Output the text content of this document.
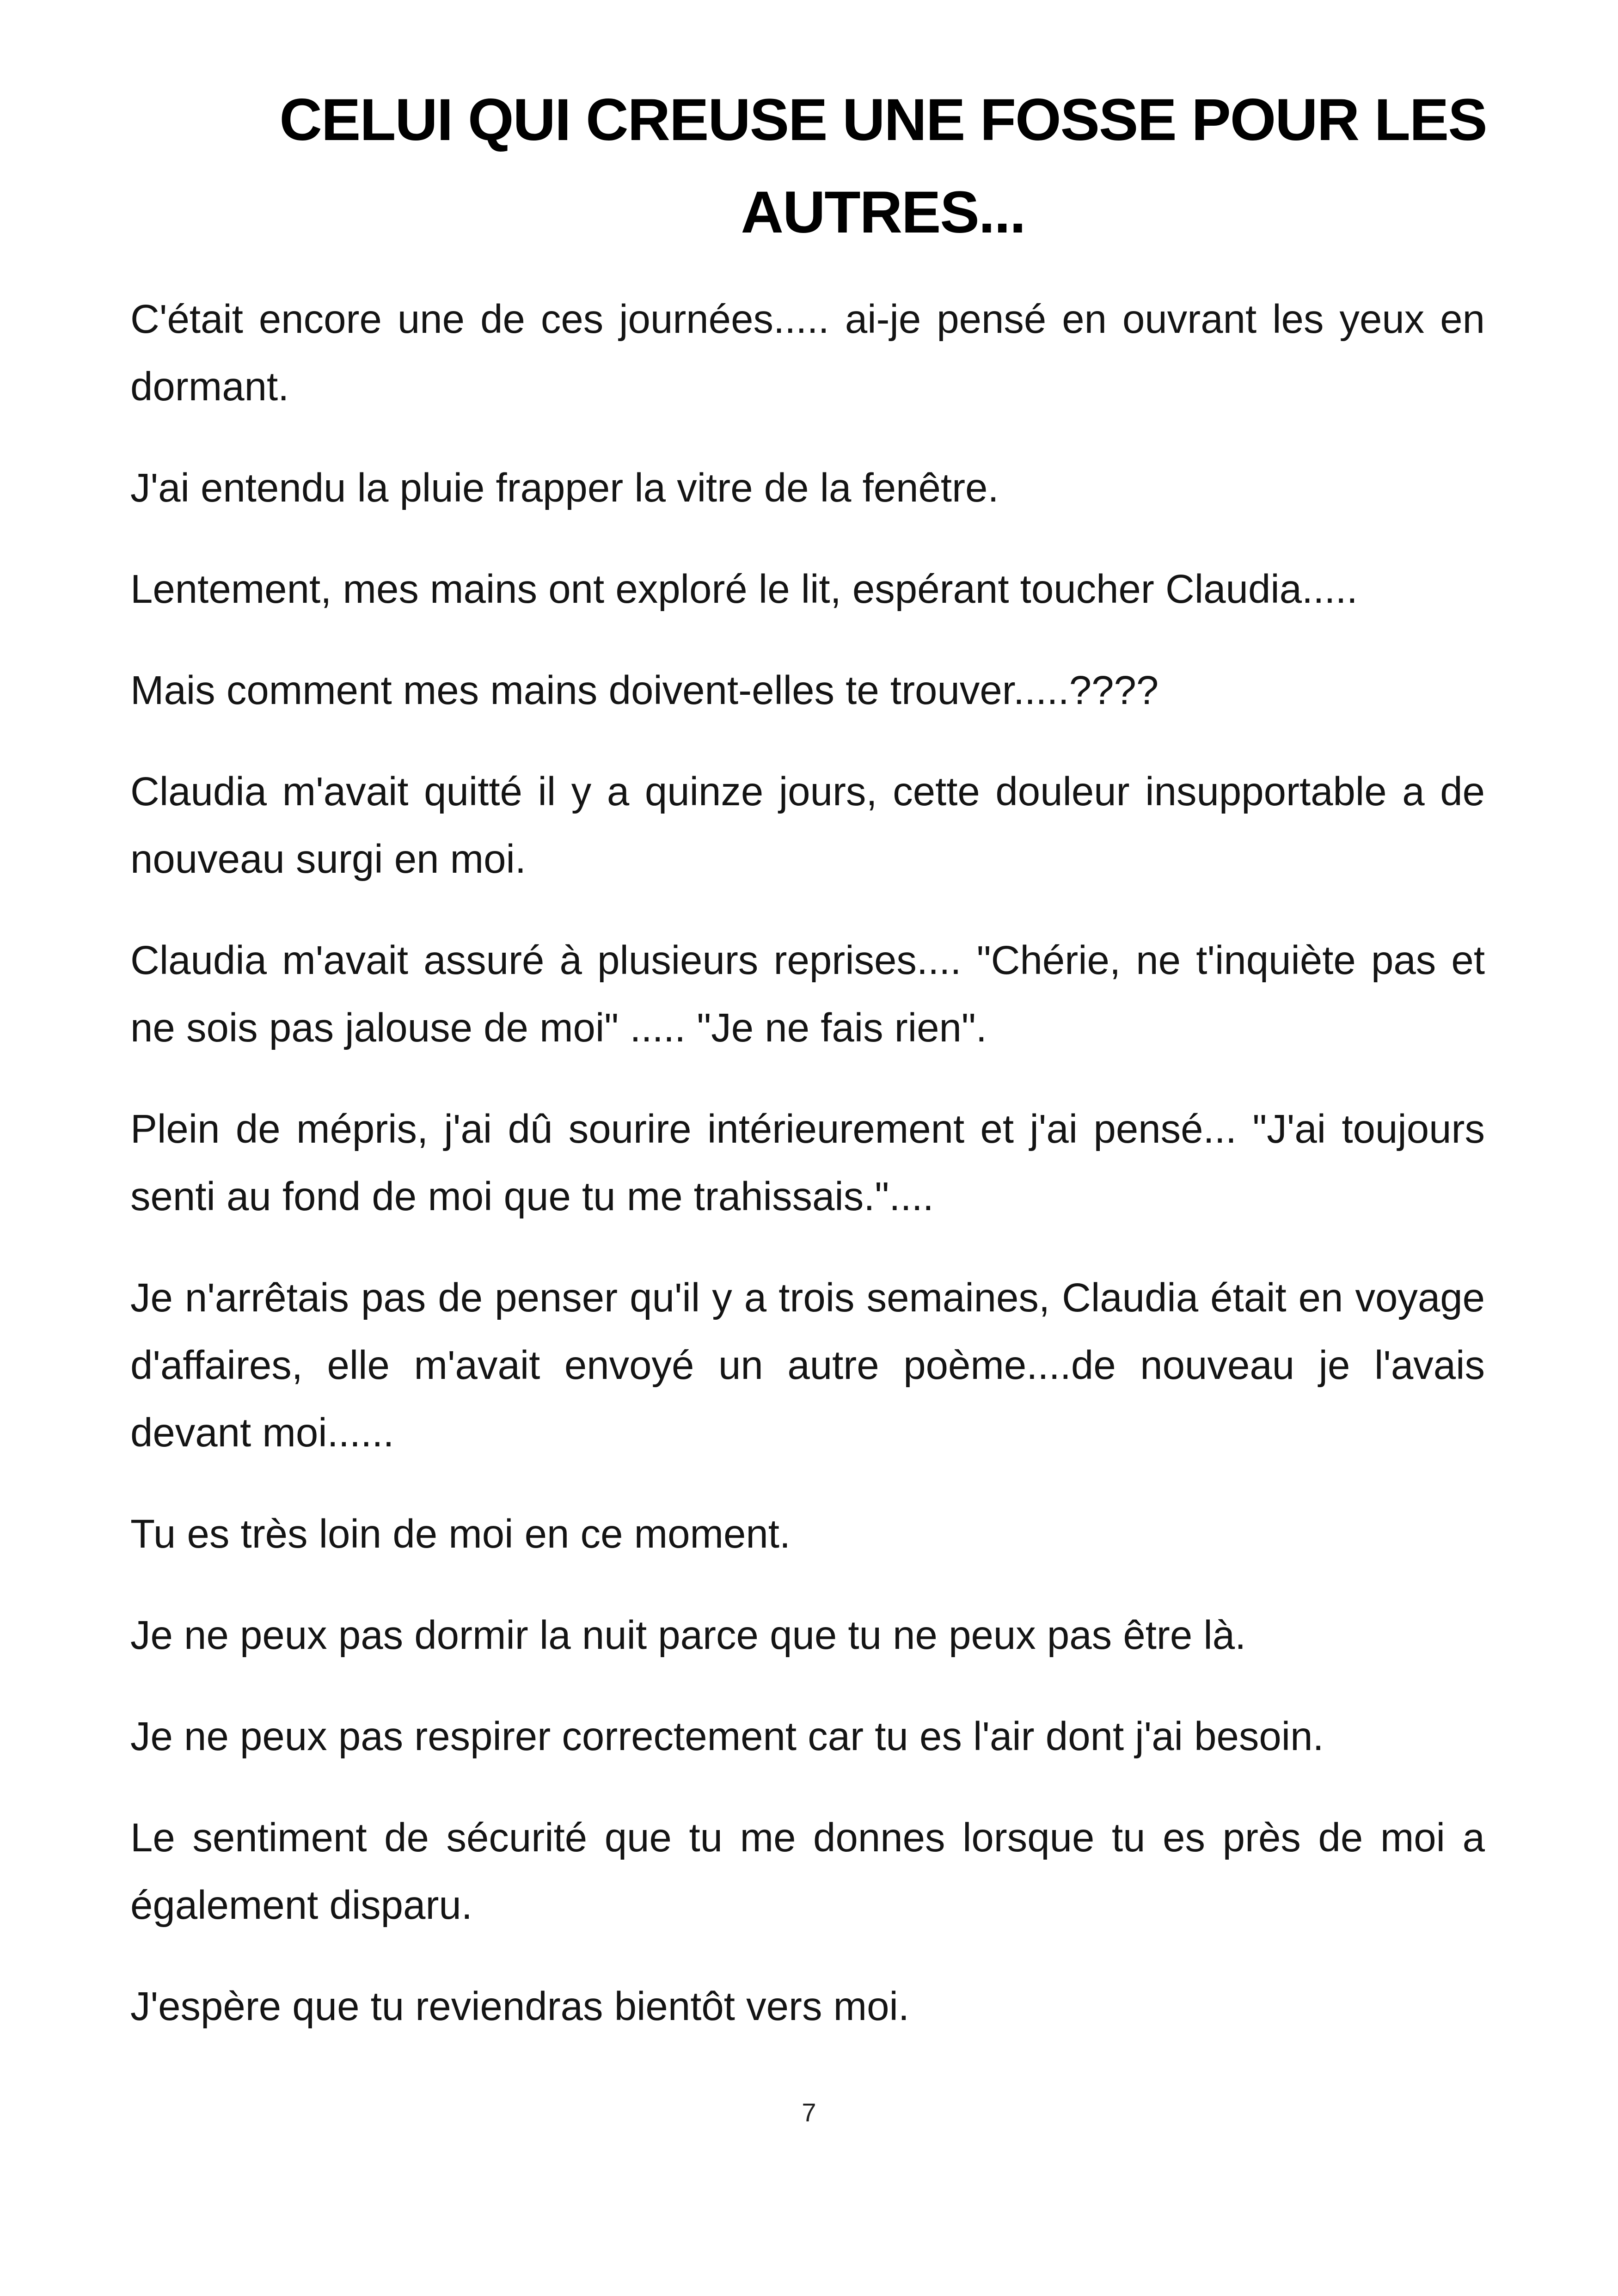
CELUI QUI CREUSE UNE FOSSE POUR LES
AUTRES...

C'était encore une de ces journées..... ai-je pensé en ouvrant les yeux en dormant.

J'ai entendu la pluie frapper la vitre de la fenêtre.

Lentement, mes mains ont exploré le lit, espérant toucher Claudia.....

Mais comment mes mains doivent-elles te trouver.....????

Claudia m'avait quitté il y a quinze jours, cette douleur insupportable a de nouveau surgi en moi.

Claudia m'avait assuré à plusieurs reprises.... "Chérie, ne t'inquiète pas et ne sois pas jalouse de moi" ..... "Je ne fais rien".

Plein de mépris, j'ai dû sourire intérieurement et j'ai pensé... "J'ai toujours senti au fond de moi que tu me trahissais."....

Je n'arrêtais pas de penser qu'il y a trois semaines, Claudia était en voyage d'affaires, elle m'avait envoyé un autre poème....de nouveau je l'avais devant moi......

Tu es très loin de moi en ce moment.

Je ne peux pas dormir la nuit parce que tu ne peux pas être là.

Je ne peux pas respirer correctement car tu es l'air dont j'ai besoin.

Le sentiment de sécurité que tu me donnes lorsque tu es près de moi a également disparu.

J'espère que tu reviendras bientôt vers moi.

7
